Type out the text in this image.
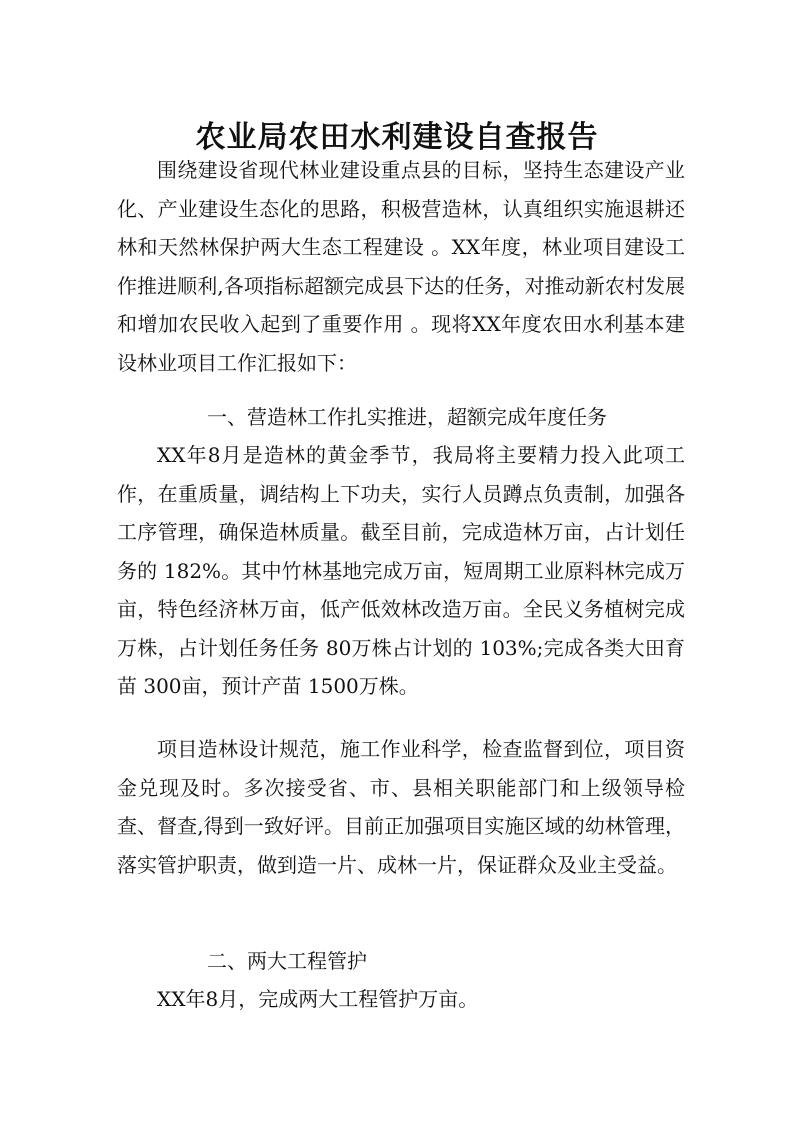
农业局农田水利建设自查报告

围绕建设省现代林业建设重点县的目标，坚持生态建设产业化、产业建设生态化的思路，积极营造林，认真组织实施退耕还林和天然林保护两大生态工程建设 。XX年度，林业项目建设工作推进顺利,各项指标超额完成县下达的任务，对推动新农村发展和增加农民收入起到了重要作用 。现将XX年度农田水利基本建设林业项目工作汇报如下：

一、营造林工作扎实推进，超额完成年度任务

XX年8月是造林的黄金季节，我局将主要精力投入此项工作，在重质量，调结构上下功夫，实行人员蹲点负责制，加强各工序管理，确保造林质量。截至目前，完成造林万亩，占计划任务的 182%。其中竹林基地完成万亩，短周期工业原料林完成万亩，特色经济林万亩，低产低效林改造万亩。全民义务植树完成万株，占计划任务任务 80万株占计划的 103%;完成各类大田育苗 300亩，预计产苗 1500万株。

项目造林设计规范，施工作业科学，检查监督到位，项目资金兑现及时。多次接受省、市、县相关职能部门和上级领导检查、督查,得到一致好评。目前正加强项目实施区域的幼林管理，落实管护职责，做到造一片、成林一片，保证群众及业主受益。

二、两大工程管护

XX年8月，完成两大工程管护万亩。
